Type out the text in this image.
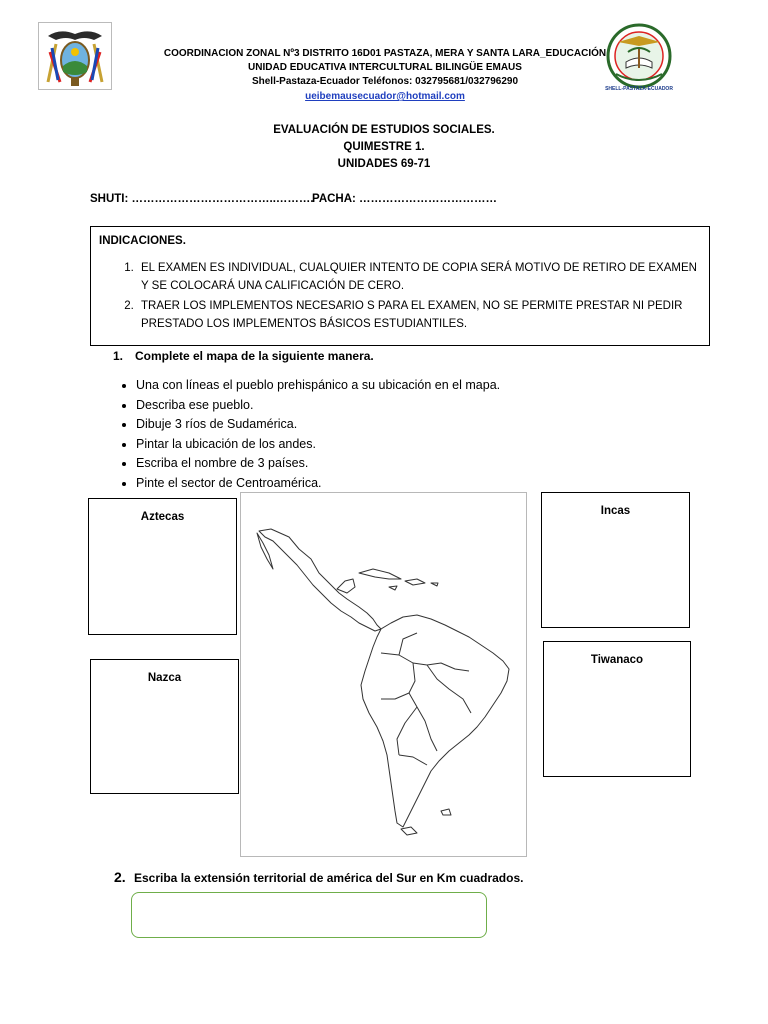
COORDINACION ZONAL Nº3 DISTRITO 16D01 PASTAZA, MERA Y SANTA LARA_EDUCACIÓN
UNIDAD EDUCATIVA INTERCULTURAL BILINGÜE EMAUS
Shell-Pastaza-Ecuador Teléfonos: 032795681/032796290
ueibemausecuador@hotmail.com
SHELL-PASTAZA-ECUADOR
EVALUACIÓN DE ESTUDIOS SOCIALES.
QUIMESTRE 1.
UNIDADES 69-71
SHUTI: ………………………………..……….
PACHA: ………………………………
INDICACIONES.
1. EL EXAMEN ES INDIVIDUAL, CUALQUIER INTENTO DE COPIA SERÁ MOTIVO DE RETIRO DE EXAMEN Y SE COLOCARÁ UNA CALIFICACIÓN DE CERO.
2. TRAER LOS IMPLEMENTOS NECESARIO S PARA EL EXAMEN, NO SE PERMITE PRESTAR NI PEDIR PRESTADO LOS IMPLEMENTOS BÁSICOS ESTUDIANTILES.
1. Complete el mapa de la siguiente manera.
• Una con líneas el pueblo prehispánico a su ubicación en el mapa.
• Describa ese pueblo.
• Dibuje 3 ríos de Sudamérica.
• Pintar la ubicación de los andes.
• Escriba el nombre de 3 países.
• Pinte el sector de Centroamérica.
Aztecas
Nazca
Incas
Tiwanaco
2. Escriba la extensión territorial de américa del Sur en Km cuadrados.
